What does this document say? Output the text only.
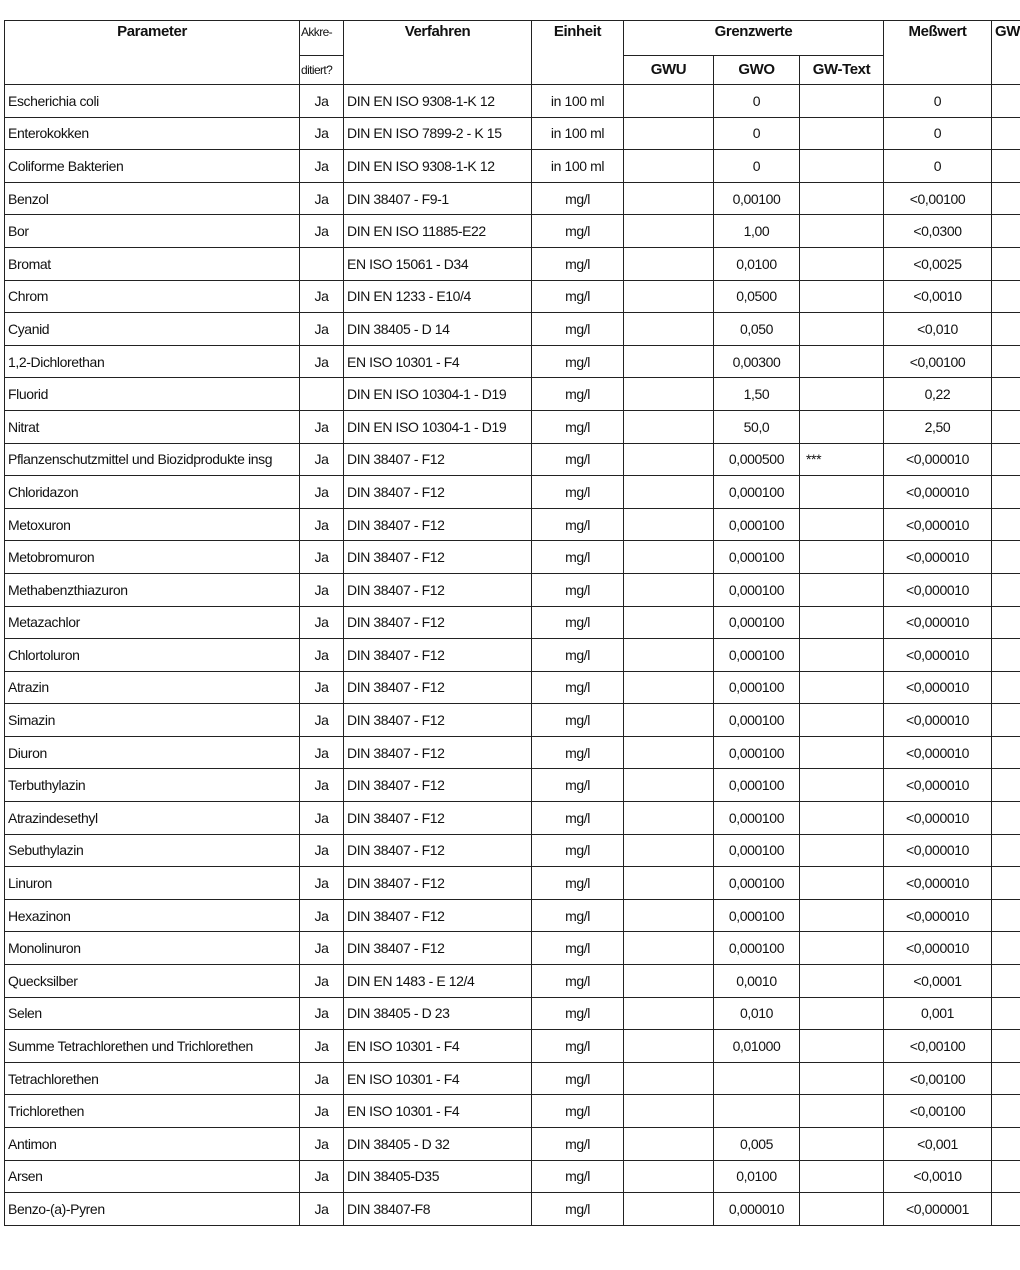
Parameter	Akkre-	Verfahren	Einheit	Grenzwerte			Meßwert	GW
	ditiert?			GWU	GWO	GW-Text		
Escherichia coli	Ja	DIN EN ISO 9308-1-K 12	in 100 ml		0		0	
Enterokokken	Ja	DIN EN ISO 7899-2 - K 15	in 100 ml		0		0	
Coliforme Bakterien	Ja	DIN EN ISO 9308-1-K 12	in 100 ml		0		0	
Benzol	Ja	DIN 38407 - F9-1	mg/l		0,00100		<0,00100	
Bor	Ja	DIN EN ISO 11885-E22	mg/l		1,00		<0,0300	
Bromat		EN ISO 15061 - D34	mg/l		0,0100		<0,0025	
Chrom	Ja	DIN EN 1233 - E10/4	mg/l		0,0500		<0,0010	
Cyanid	Ja	DIN 38405 - D 14	mg/l		0,050		<0,010	
1,2-Dichlorethan	Ja	EN ISO 10301 - F4	mg/l		0,00300		<0,00100	
Fluorid		DIN EN ISO 10304-1 - D19	mg/l		1,50		0,22	
Nitrat	Ja	DIN EN ISO 10304-1 - D19	mg/l		50,0		2,50	
Pflanzenschutzmittel und Biozidprodukte insg	Ja	DIN 38407 - F12	mg/l		0,000500	***	<0,000010	
Chloridazon	Ja	DIN 38407 - F12	mg/l		0,000100		<0,000010	
Metoxuron	Ja	DIN 38407 - F12	mg/l		0,000100		<0,000010	
Metobromuron	Ja	DIN 38407 - F12	mg/l		0,000100		<0,000010	
Methabenzthiazuron	Ja	DIN 38407 - F12	mg/l		0,000100		<0,000010	
Metazachlor	Ja	DIN 38407 - F12	mg/l		0,000100		<0,000010	
Chlortoluron	Ja	DIN 38407 - F12	mg/l		0,000100		<0,000010	
Atrazin	Ja	DIN 38407 - F12	mg/l		0,000100		<0,000010	
Simazin	Ja	DIN 38407 - F12	mg/l		0,000100		<0,000010	
Diuron	Ja	DIN 38407 - F12	mg/l		0,000100		<0,000010	
Terbuthylazin	Ja	DIN 38407 - F12	mg/l		0,000100		<0,000010	
Atrazindesethyl	Ja	DIN 38407 - F12	mg/l		0,000100		<0,000010	
Sebuthylazin	Ja	DIN 38407 - F12	mg/l		0,000100		<0,000010	
Linuron	Ja	DIN 38407 - F12	mg/l		0,000100		<0,000010	
Hexazinon	Ja	DIN 38407 - F12	mg/l		0,000100		<0,000010	
Monolinuron	Ja	DIN 38407 - F12	mg/l		0,000100		<0,000010	
Quecksilber	Ja	DIN EN 1483 - E 12/4	mg/l		0,0010		<0,0001	
Selen	Ja	DIN 38405 - D 23	mg/l		0,010		0,001	
Summe Tetrachlorethen und Trichlorethen	Ja	EN ISO 10301 - F4	mg/l		0,01000		<0,00100	
Tetrachlorethen	Ja	EN ISO 10301 - F4	mg/l				<0,00100	
Trichlorethen	Ja	EN ISO 10301 - F4	mg/l				<0,00100	
Antimon	Ja	DIN 38405 - D 32	mg/l		0,005		<0,001	
Arsen	Ja	DIN 38405-D35	mg/l		0,0100		<0,0010	
Benzo-(a)-Pyren	Ja	DIN 38407-F8	mg/l		0,000010		<0,000001	
